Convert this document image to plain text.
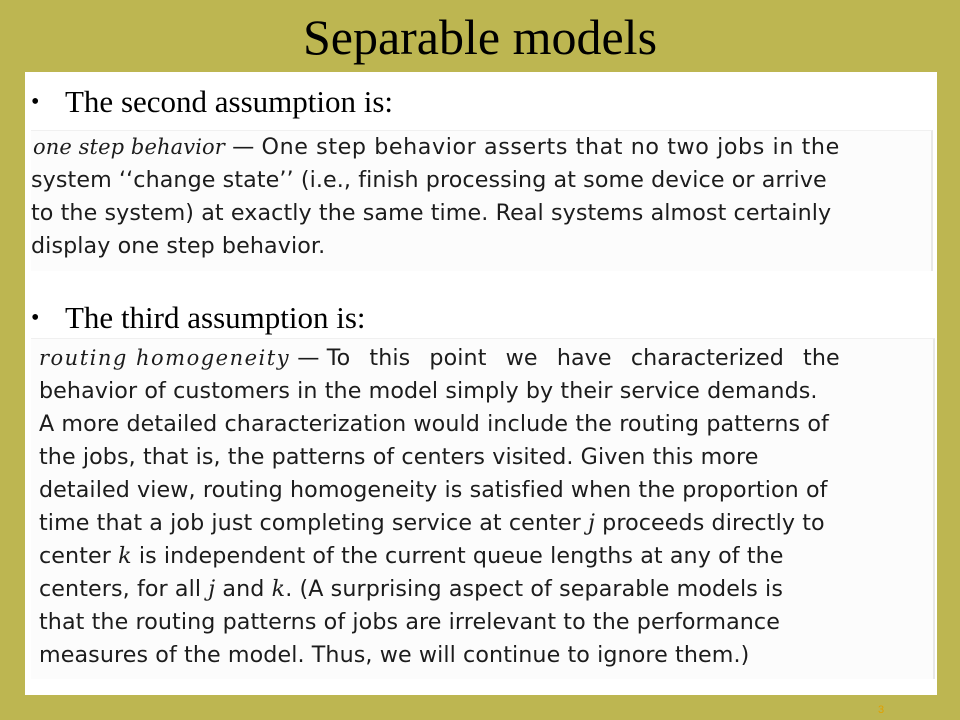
Separable models
• The second assumption is:
one step behavior — One step behavior asserts that no two jobs in the
system ‘‘change state’’ (i.e., finish processing at some device or arrive
to the system) at exactly the same time. Real systems almost certainly
display one step behavior.
• The third assumption is:
routing homogeneity — To this point we have characterized the
behavior of customers in the model simply by their service demands.
A more detailed characterization would include the routing patterns of
the jobs, that is, the patterns of centers visited. Given this more
detailed view, routing homogeneity is satisfied when the proportion of
time that a job just completing service at center j proceeds directly to
center k is independent of the current queue lengths at any of the
centers, for all j and k. (A surprising aspect of separable models is
that the routing patterns of jobs are irrelevant to the performance
measures of the model. Thus, we will continue to ignore them.)
3
